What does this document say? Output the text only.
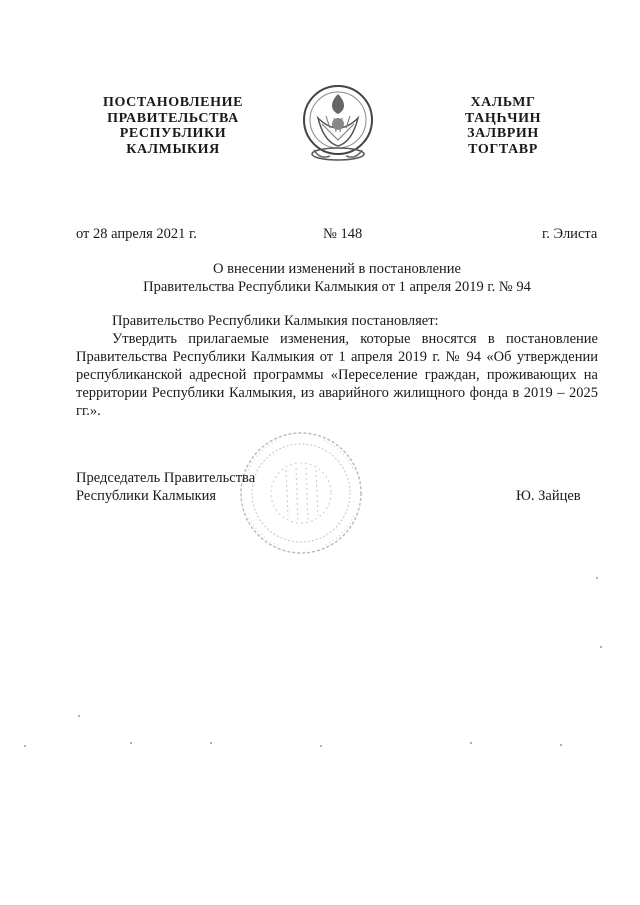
ПОСТАНОВЛЕНИЕ
ПРАВИТЕЛЬСТВА
РЕСПУБЛИКИ
КАЛМЫКИЯ
ХАЛЬМГ
ТАҢҺЧИН
ЗАЛВРИН
ТОГТАВР
от 28 апреля 2021 г.	№ 148	г. Элиста
О внесении изменений в постановление
Правительства Республики Калмыкия от 1 апреля 2019 г. № 94
Правительство Республики Калмыкия постановляет:
Утвердить прилагаемые изменения, которые вносятся в постановление Правительства Республики Калмыкия от 1 апреля 2019 г. № 94 «Об утверждении республиканской адресной программы «Переселение граждан, проживающих на территории Республики Калмыкия, из аварийного жилищного фонда в 2019 – 2025 гг.».
Председатель Правительства
Республики Калмыкия	Ю. Зайцев
